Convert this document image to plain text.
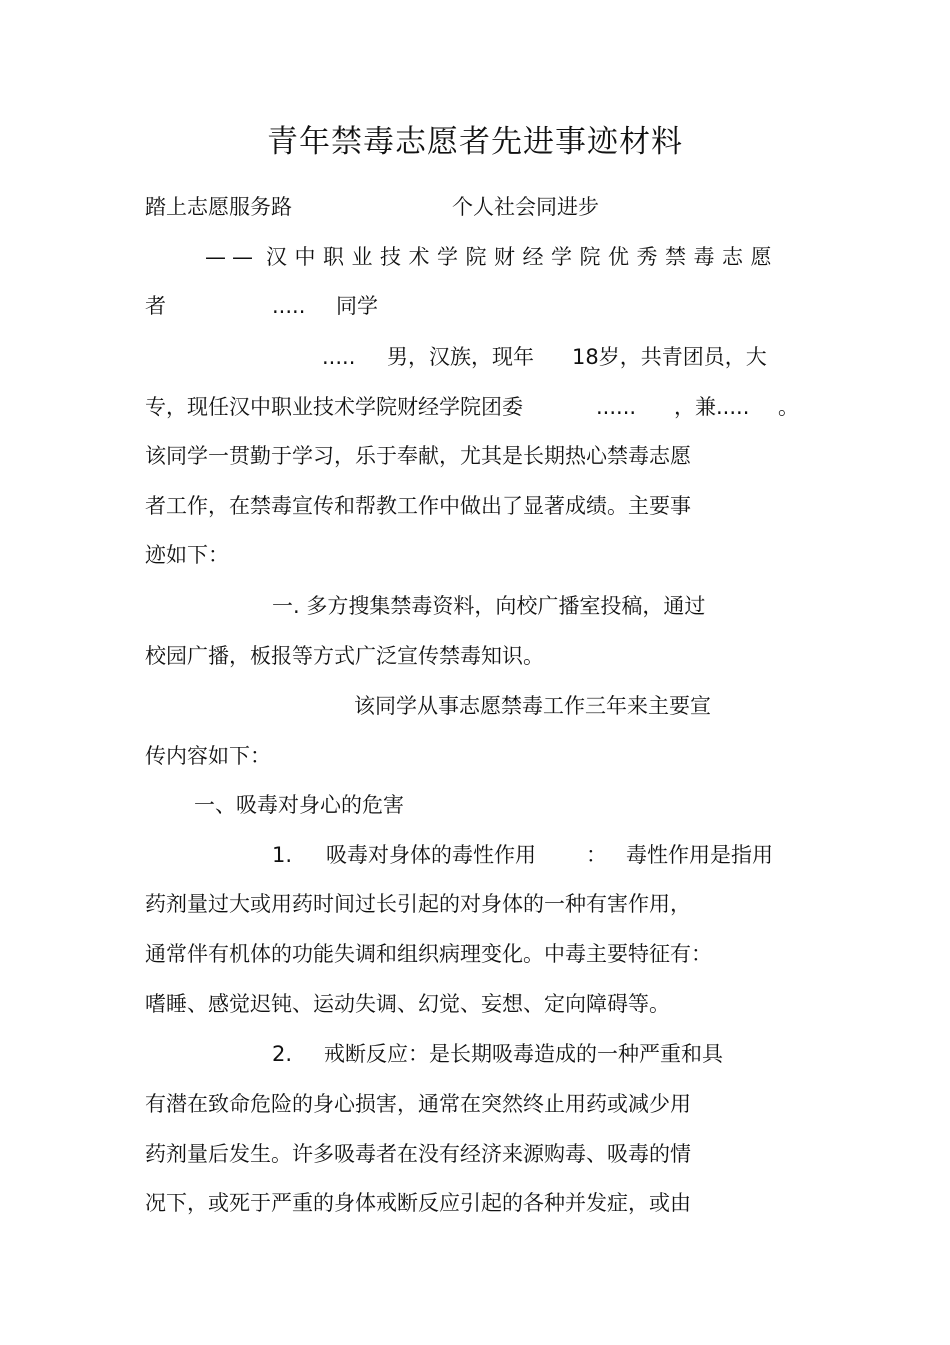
青年禁毒志愿者先进事迹材料
踏上志愿服务路	个人社会同进步
—— 汉中职业技术学院财经学院优秀禁毒志愿
者	..... 同学
..... 男，汉族，现年 18岁，共青团员，大
专，现任汉中职业技术学院财经学院团委	...... ，兼..... 。
该同学一贯勤于学习，乐于奉献，尤其是长期热心禁毒志愿
者工作，在禁毒宣传和帮教工作中做出了显著成绩。主要事
迹如下：
一. 多方搜集禁毒资料，向校广播室投稿，通过
校园广播，板报等方式广泛宣传禁毒知识。
该同学从事志愿禁毒工作三年来主要宣
传内容如下：
一、吸毒对身心的危害
1. 吸毒对身体的毒性作用 ： 毒性作用是指用
药剂量过大或用药时间过长引起的对身体的一种有害作用，
通常伴有机体的功能失调和组织病理变化。中毒主要特征有：
嗜睡、感觉迟钝、运动失调、幻觉、妄想、定向障碍等。
2. 戒断反应：是长期吸毒造成的一种严重和具
有潜在致命危险的身心损害，通常在突然终止用药或减少用
药剂量后发生。许多吸毒者在没有经济来源购毒、吸毒的情
况下，或死于严重的身体戒断反应引起的各种并发症，或由
